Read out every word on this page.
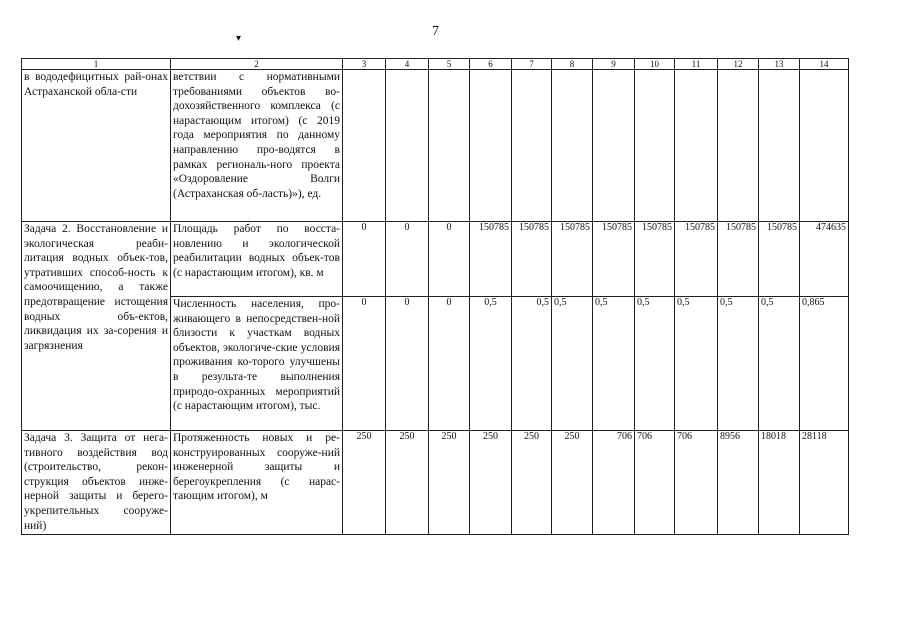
7
▾
1	2	3	4	5	6	7	8	9	10	11	12	13	14
в вододефицитных рай-онах Астраханской обла-сти	ветствии с нормативными требованиями объектов во-дохозяйственного комплекса (с нарастающим итогом) (с 2019 года мероприятия по данному направлению про-водятся в рамках региональ-ного проекта «Оздоровление Волги (Астраханская об-ласть)»), ед.												
Задача 2. Восстановление и экологическая реаби-литация водных объек-тов, утративших способ-ность к самоочищению, а также предотвращение истощения водных объ-ектов, ликвидация их за-сорения и загрязнения	Площадь работ по восста-новлению и экологической реабилитации водных объек-тов (с нарастающим итогом), кв. м	0	0	0	150785	150785	150785	150785	150785	150785	150785	150785	474635
	Численность населения, про-живающего в непосредствен-ной близости к участкам водных объектов, экологиче-ские условия проживания ко-торого улучшены в результа-те выполнения природо-охранных мероприятий (с нарастающим итогом), тыс.	0	0	0	0,5	0,5	0,5	0,5	0,5	0,5	0,5	0,5	0,865
Задача 3. Защита от нега-тивного воздействия вод (строительство, рекон-струкция объектов инже-нерной защиты и берего-укрепительных сооруже-ний)	Протяженность новых и ре-конструированных сооруже-ний инженерной защиты и берегоукрепления (с нарас-тающим итогом), м	250	250	250	250	250	250	706	706	706	8956	18018	28118
